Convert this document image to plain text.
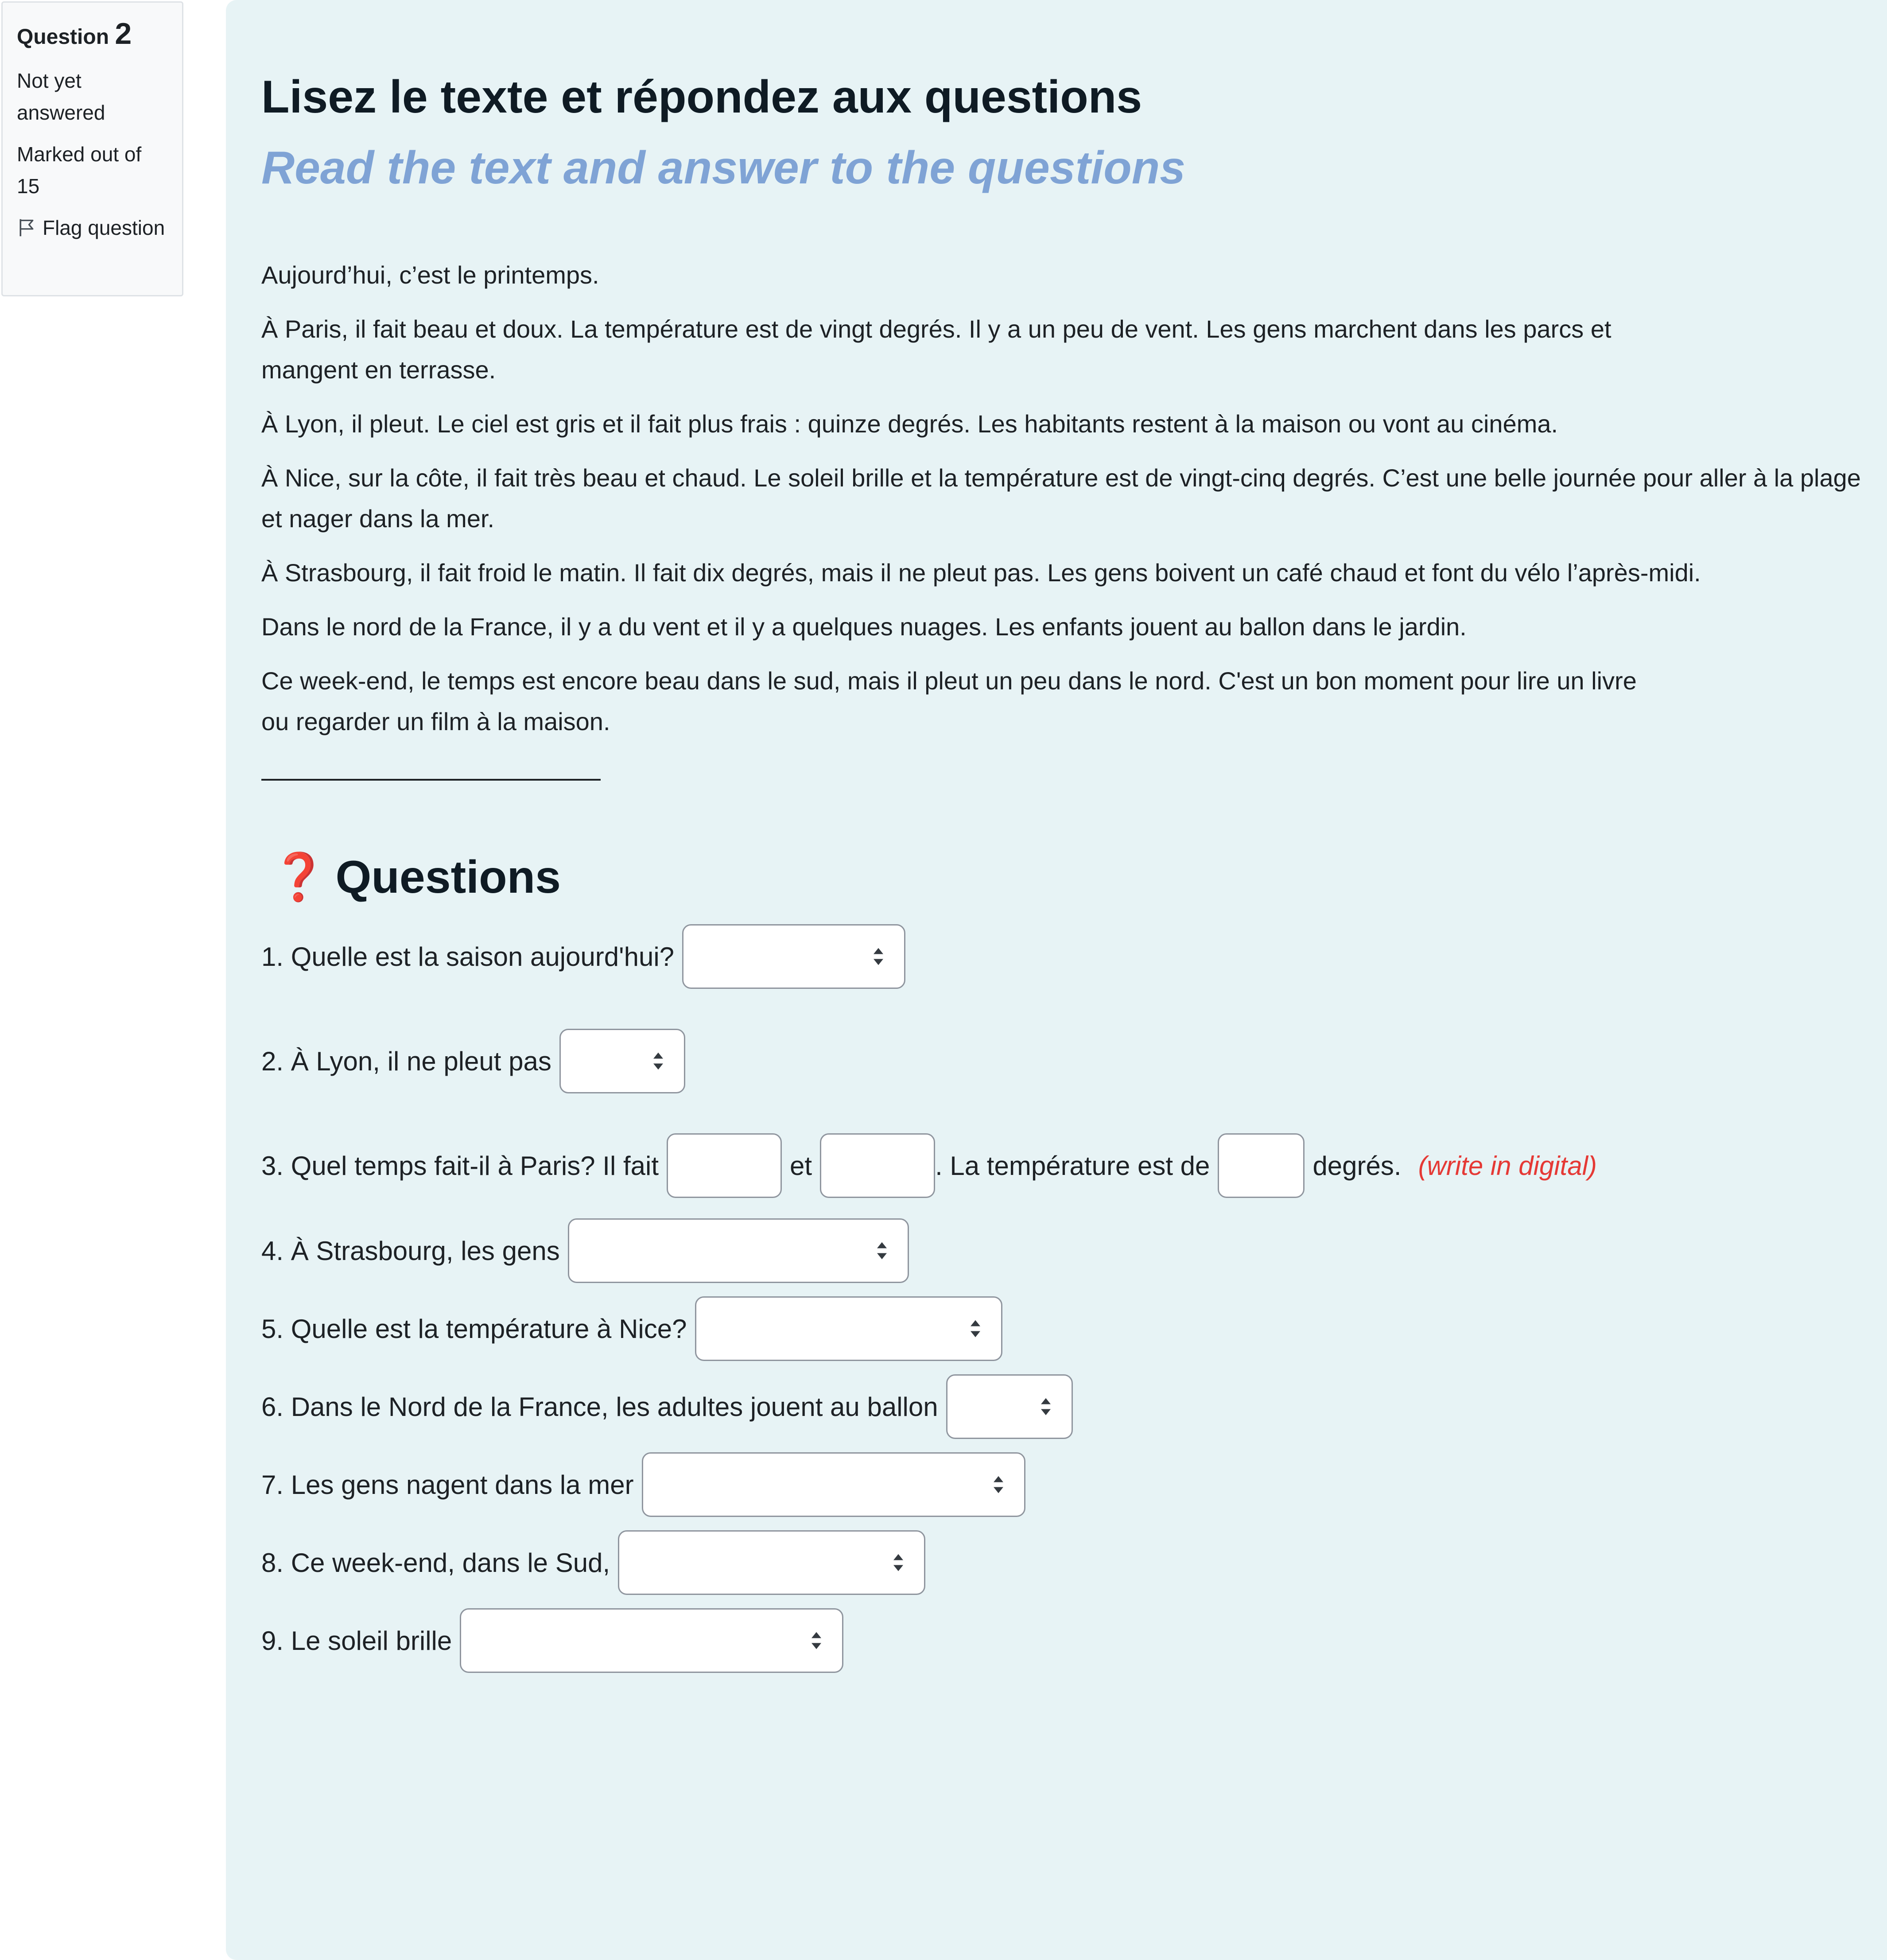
Question 2
Not yet answered
Marked out of 15
Flag question
Lisez le texte et répondez aux questions
Read the text and answer to the questions

Aujourd’hui, c’est le printemps.

À Paris, il fait beau et doux. La température est de vingt degrés. Il y a un peu de vent. Les gens marchent dans les parcs et mangent en terrasse.

À Lyon, il pleut. Le ciel est gris et il fait plus frais : quinze degrés. Les habitants restent à la maison ou vont au cinéma.

À Nice, sur la côte, il fait très beau et chaud. Le soleil brille et la température est de vingt-cinq degrés. C’est une belle journée pour aller à la plage et nager dans la mer.

À Strasbourg, il fait froid le matin. Il fait dix degrés, mais il ne pleut pas. Les gens boivent un café chaud et font du vélo l’après-midi.

Dans le nord de la France, il y a du vent et il y a quelques nuages. Les enfants jouent au ballon dans le jardin.

Ce week-end, le temps est encore beau dans le sud, mais il pleut un peu dans le nord. C'est un bon moment pour lire un livre ou regarder un film à la maison.

❓ Questions
1. Quelle est la saison aujourd'hui?
2. À Lyon, il ne pleut pas
3. Quel temps fait-il à Paris? Il fait	et	. La température est de	degrés. (write in digital)
4. À Strasbourg, les gens
5. Quelle est la température à Nice?
6. Dans le Nord de la France, les adultes jouent au ballon
7. Les gens nagent dans la mer
8. Ce week-end, dans le Sud,
9. Le soleil brille
